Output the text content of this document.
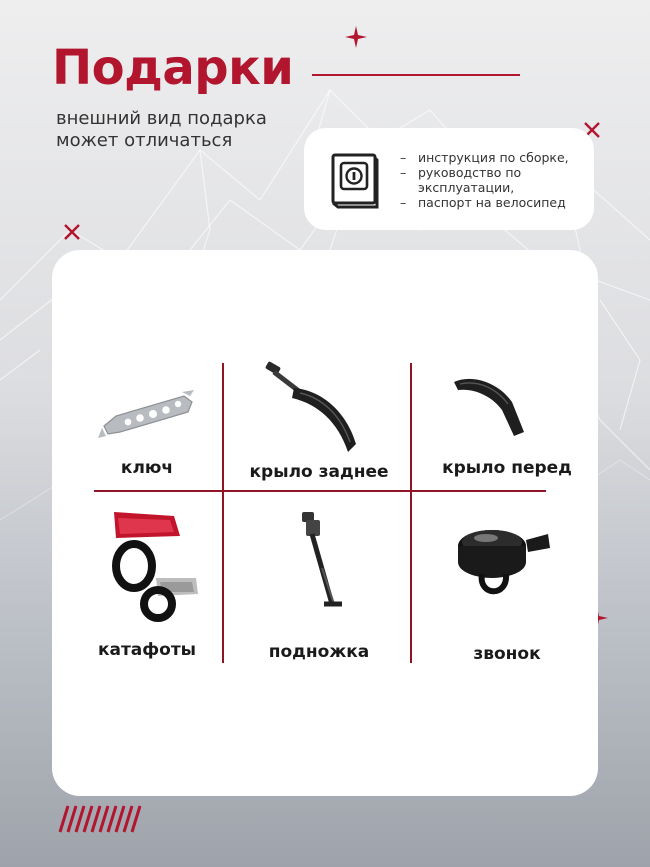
Подарки
внешний вид подарка может отличаться
– инструкция по сборке,
– руководство по
эксплуатации,
– паспорт на велосипед
ключ	крыло заднее	крыло перед
катафоты	подножка	звонок
